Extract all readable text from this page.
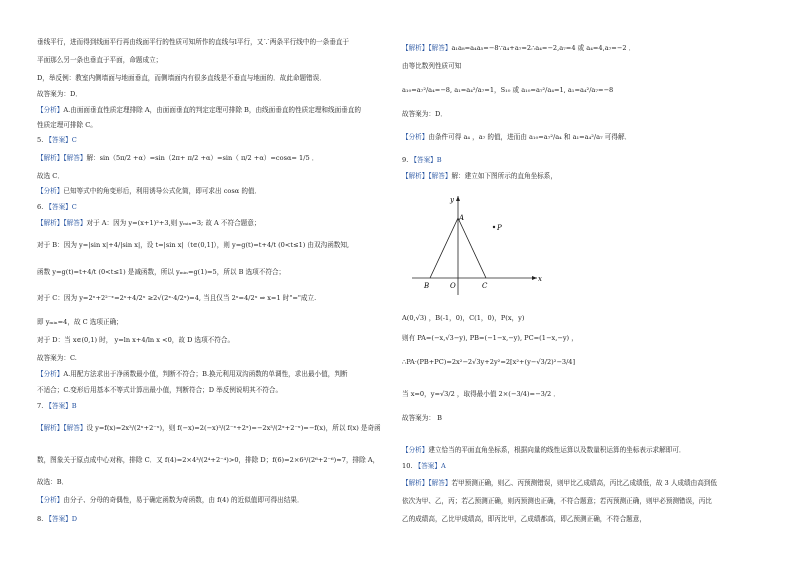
垂线平行，进而得到线面平行再由线面平行的性质可知所作的直线与l平行，又∵两条平行线中的一条垂直于
平面那么另一条也垂直于平面，命题成立；
D，举反例：教室内侧墙面与地面垂直，而侧墙面内有很多直线是不垂直与地面的．故此命题错误．
故答案为：D．
【分析】A.由面面垂直性质定理排除 A，由面面垂直的判定定理可排除 B，由线面垂直的性质定理和线面垂直的
性质定理可排除 C。
5. 【答案】C
【解析】【解答】解：sin（5π/2 +α）=sin（2π+ π/2 +α）=sin（ π/2 +α）=cosα= 1/5 ．
故选 C．
【分析】已知等式中的角变形后，利用诱导公式化简，即可求出 cosα 的值．
6. 【答案】C
【解析】【解答】对于 A：因为 y=(x+1)²+3,则 yₘᵢₙ=3; 故 A 不符合题意；
对于 B：因为 y=|sin x|+4/|sin x|，设 t=|sin x|（t∈(0,1]），则 y=g(t)=t+4/t (0<t≤1) 由双沟函数知,
函数 y=g(t)=t+4/t (0<t≤1) 是减函数，所以 yₘᵢₙ=g(1)=5，所以 B 选项不符合；
对于 C：因为 y=2ˣ+2²⁻ˣ=2ˣ+4/2ˣ ≥2√(2ˣ·4/2ˣ)=4, 当且仅当 2ˣ=4/2ˣ ⇒ x=1 时"="成立.
即 yₘᵢₙ=4，故 C 选项正确；
对于 D：当 x∈(0,1) 时， y=ln x+4/ln x <0，故 D 选项不符合。
故答案为：C.
【分析】A.用配方法求出于净函数最小值，判断不符合；B.换元利用双沟函数的单调性，求出最小值，判断
不适合；C.变形后用基本不等式计算出最小值，判断符合；D 举反例说明其不符合。
7. 【答案】B
【解析】【解答】设 y=f(x)=2x³/(2ˣ+2⁻ˣ)，则 f(−x)=2(−x)³/(2⁻ˣ+2ˣ)=−2x³/(2ˣ+2⁻ˣ)=−f(x)，所以 f(x) 是奇函
数，图象关于原点成中心对称，排除 C．又 f(4)=2×4³/(2⁴+2⁻⁴)>0，排除 D；f(6)=2×6³/(2⁶+2⁻⁶)≈7，排除 A，
故选：B．
【分析】由分子、分母的奇偶性，易于确定函数为奇函数，由 f(4) 的近似值即可得出结果．
8. 【答案】D
【解析】【解答】a₁a₈=a₄a₅=−8∵a₄+a₇=2∴a₄=−2,a₇=4 或 a₄=4,a₇=−2 ．
由等比数列性质可知
a₁₀=a₇²/a₄=−8, a₁=a₄²/a₇=1，S₁₀ 或 a₁₀=a₇²/a₄=1, a₁=a₄²/a₇=−8
故答案为：D．
【分析】由条件可得 a₄ ，a₇ 的值，进而由 a₁₀=a₇²/a₄ 和 a₁=a₄²/a₇ 可得解．
9. 【答案】B
【解析】【解答】解：建立如下图所示的直角坐标系，
y
x
A
P
B	O	C
A(0,√3) ，B(-1，0)，C(1，0)，P(x，y)
则有 PA=(−x,√3−y), PB=(−1−x,−y), PC=(1−x,−y) ，
∴PA·(PB+PC)=2x²−2√3y+2y²=2[x²+(y−√3/2)²−3/4]
当 x=0，y=√3/2 ，取得最小值 2×(−3/4)=−3/2 ．
故答案为： B
【分析】建立恰当的平面直角坐标系，根据向量的线性运算以及数量积运算的坐标表示求解即可．
10. 【答案】A
【解析】【解答】若甲预测正确，则乙、丙预测错误，则甲比乙成绩高，丙比乙成绩低，故 3 人成绩由高到低
依次为甲、乙，丙；若乙预测正确，则丙预测也正确，不符合题意；若丙预测正确，则甲必预测错误，丙比
乙的成绩高，乙比甲成绩高，即丙比甲，乙成绩都高，即乙预测正确，不符合题意，
